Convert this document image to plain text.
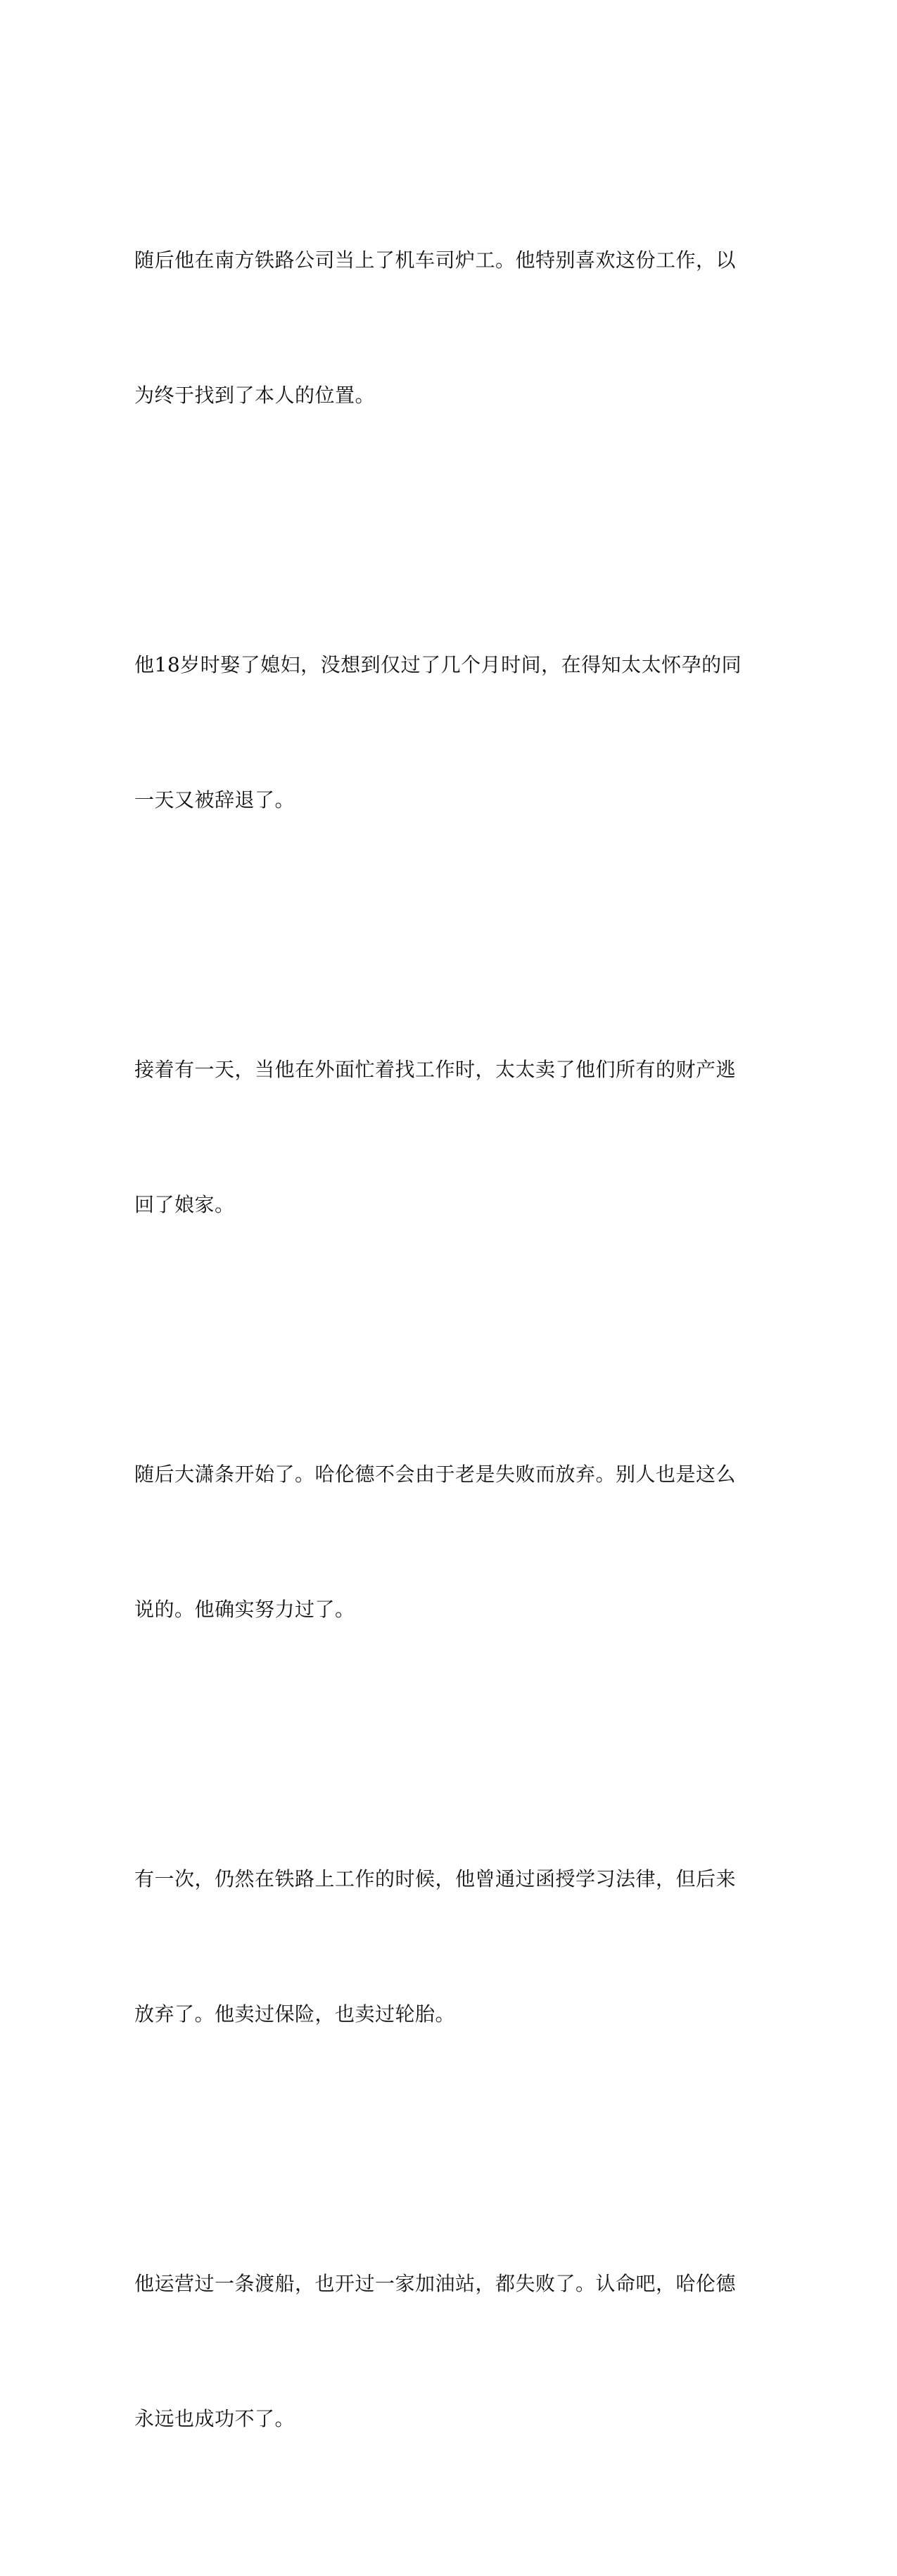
随后他在南方铁路公司当上了机车司炉工。他特别喜欢这份工作，以

为终于找到了本人的位置。

他18岁时娶了媳妇，没想到仅过了几个月时间，在得知太太怀孕的同

一天又被辞退了。

接着有一天，当他在外面忙着找工作时，太太卖了他们所有的财产逃

回了娘家。

随后大潇条开始了。哈伦德不会由于老是失败而放弃。别人也是这么

说的。他确实努力过了。

有一次，仍然在铁路上工作的时候，他曾通过函授学习法律，但后来

放弃了。他卖过保险，也卖过轮胎。

他运营过一条渡船，也开过一家加油站，都失败了。认命吧，哈伦德

永远也成功不了。
